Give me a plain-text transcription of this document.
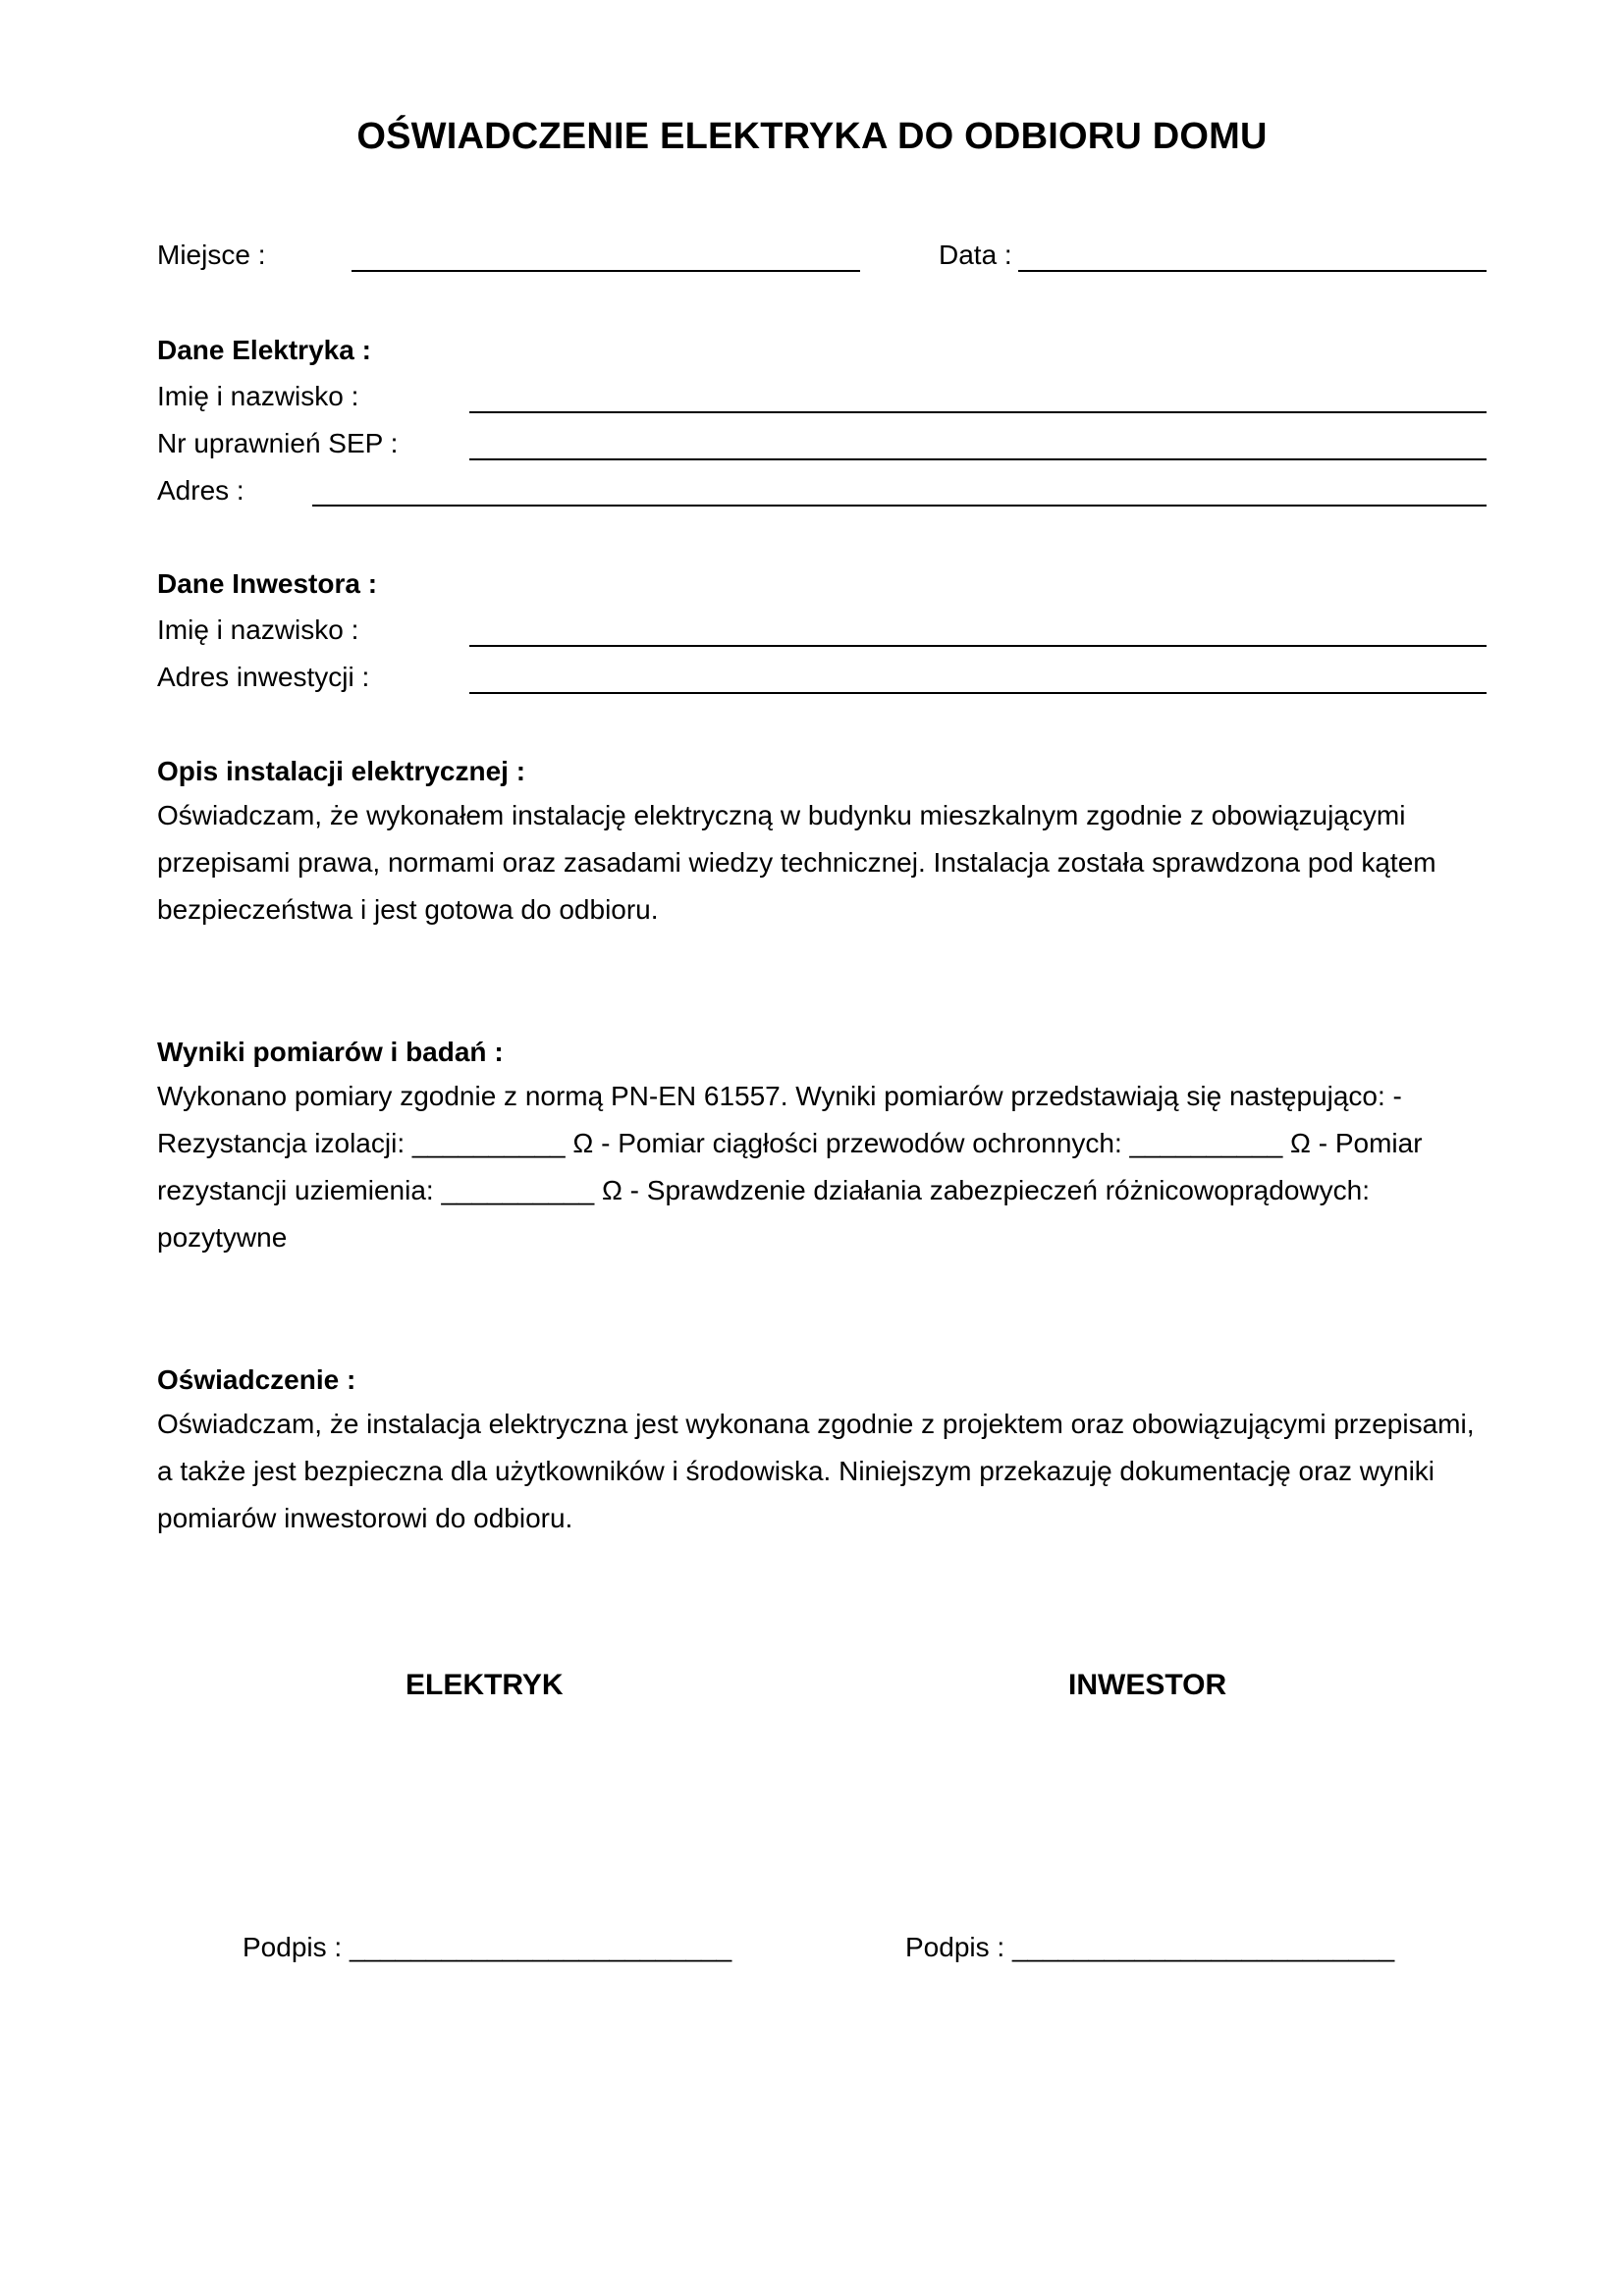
OŚWIADCZENIE ELEKTRYKA DO ODBIORU DOMU
Miejsce :	Data :
Dane Elektryka :
Imię i nazwisko :
Nr uprawnień SEP :
Adres :
Dane Inwestora :
Imię i nazwisko :
Adres inwestycji :
Opis instalacji elektrycznej :

Oświadczam, że wykonałem instalację elektryczną w budynku mieszkalnym zgodnie z obowiązującymi

przepisami prawa, normami oraz zasadami wiedzy technicznej. Instalacja została sprawdzona pod kątem

bezpieczeństwa i jest gotowa do odbioru.

Wyniki pomiarów i badań :

Wykonano pomiary zgodnie z normą PN-EN 61557. Wyniki pomiarów przedstawiają się następująco: -

Rezystancja izolacji: __________ Ω - Pomiar ciągłości przewodów ochronnych: __________ Ω - Pomiar

rezystancji uziemienia: __________ Ω - Sprawdzenie działania zabezpieczeń różnicowoprądowych:

pozytywne

Oświadczenie :

Oświadczam, że instalacja elektryczna jest wykonana zgodnie z projektem oraz obowiązującymi przepisami,

a także jest bezpieczna dla użytkowników i środowiska. Niniejszym przekazuję dokumentację oraz wyniki

pomiarów inwestorowi do odbioru.

ELEKTRYK	INWESTOR
Podpis : _________________________	Podpis : _________________________
